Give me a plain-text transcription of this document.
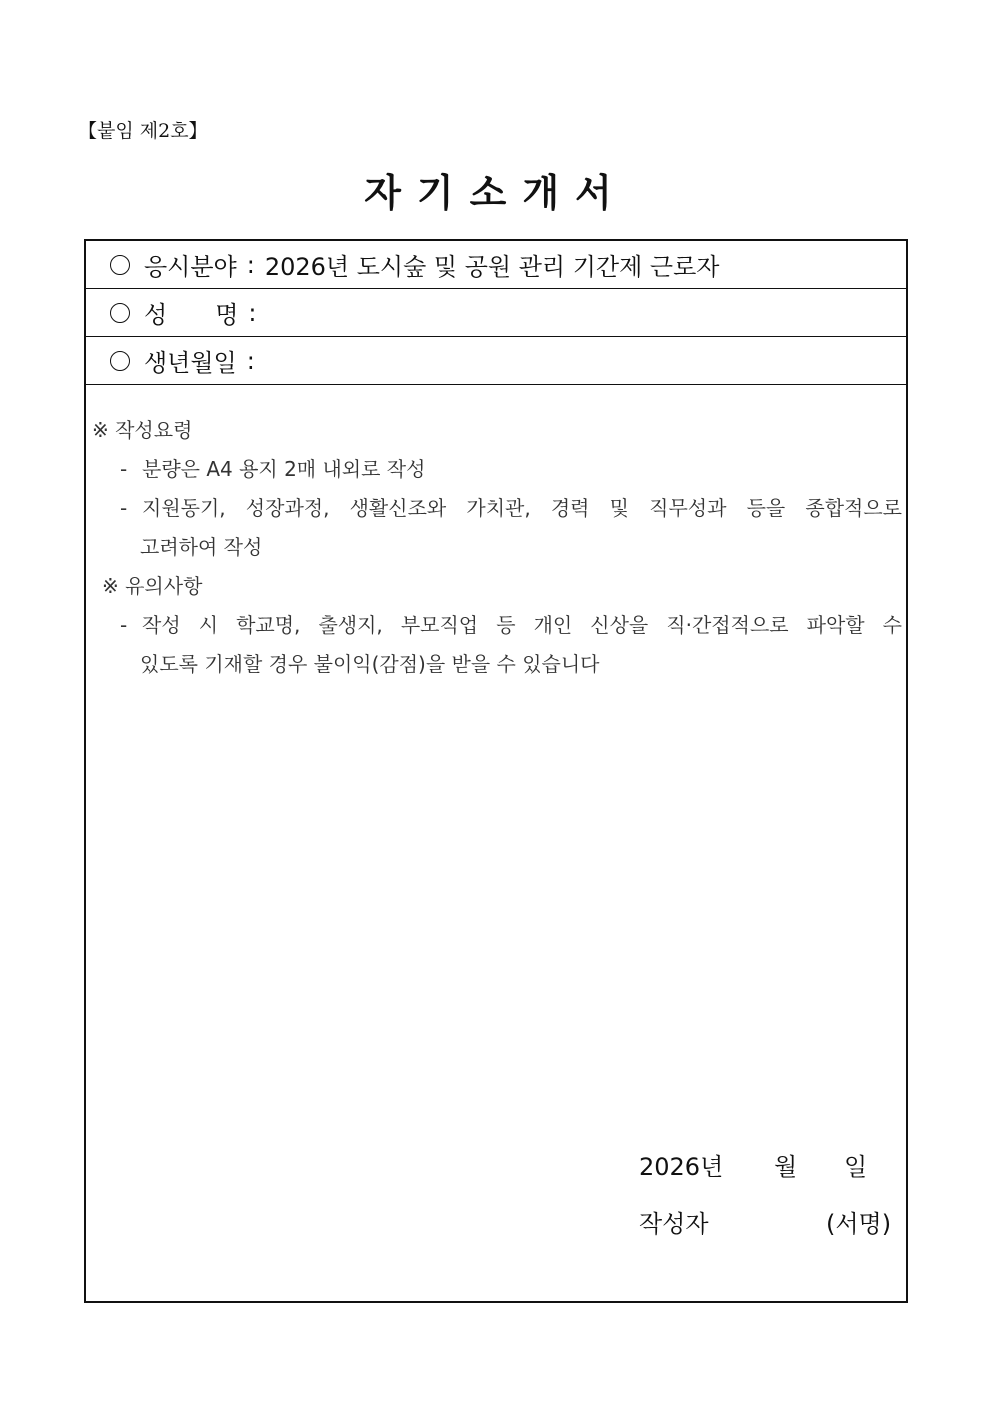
【붙임 제2호】
자기소개서
응시분야 : 2026년 도시숲 및 공원 관리 기간제 근로자
성 명 :
생년월일 :
※ 작성요령
- 분량은 A4 용지 2매 내외로 작성
- 지원동기, 성장과정, 생활신조와 가치관, 경력 및 직무성과 등을 종합적으로
고려하여 작성
※ 유의사항
- 작성 시 학교명, 출생지, 부모직업 등 개인 신상을 직·간접적으로 파악할 수
있도록 기재할 경우 불이익(감점)을 받을 수 있습니다
2026년 월 일
작성자	(서명)
